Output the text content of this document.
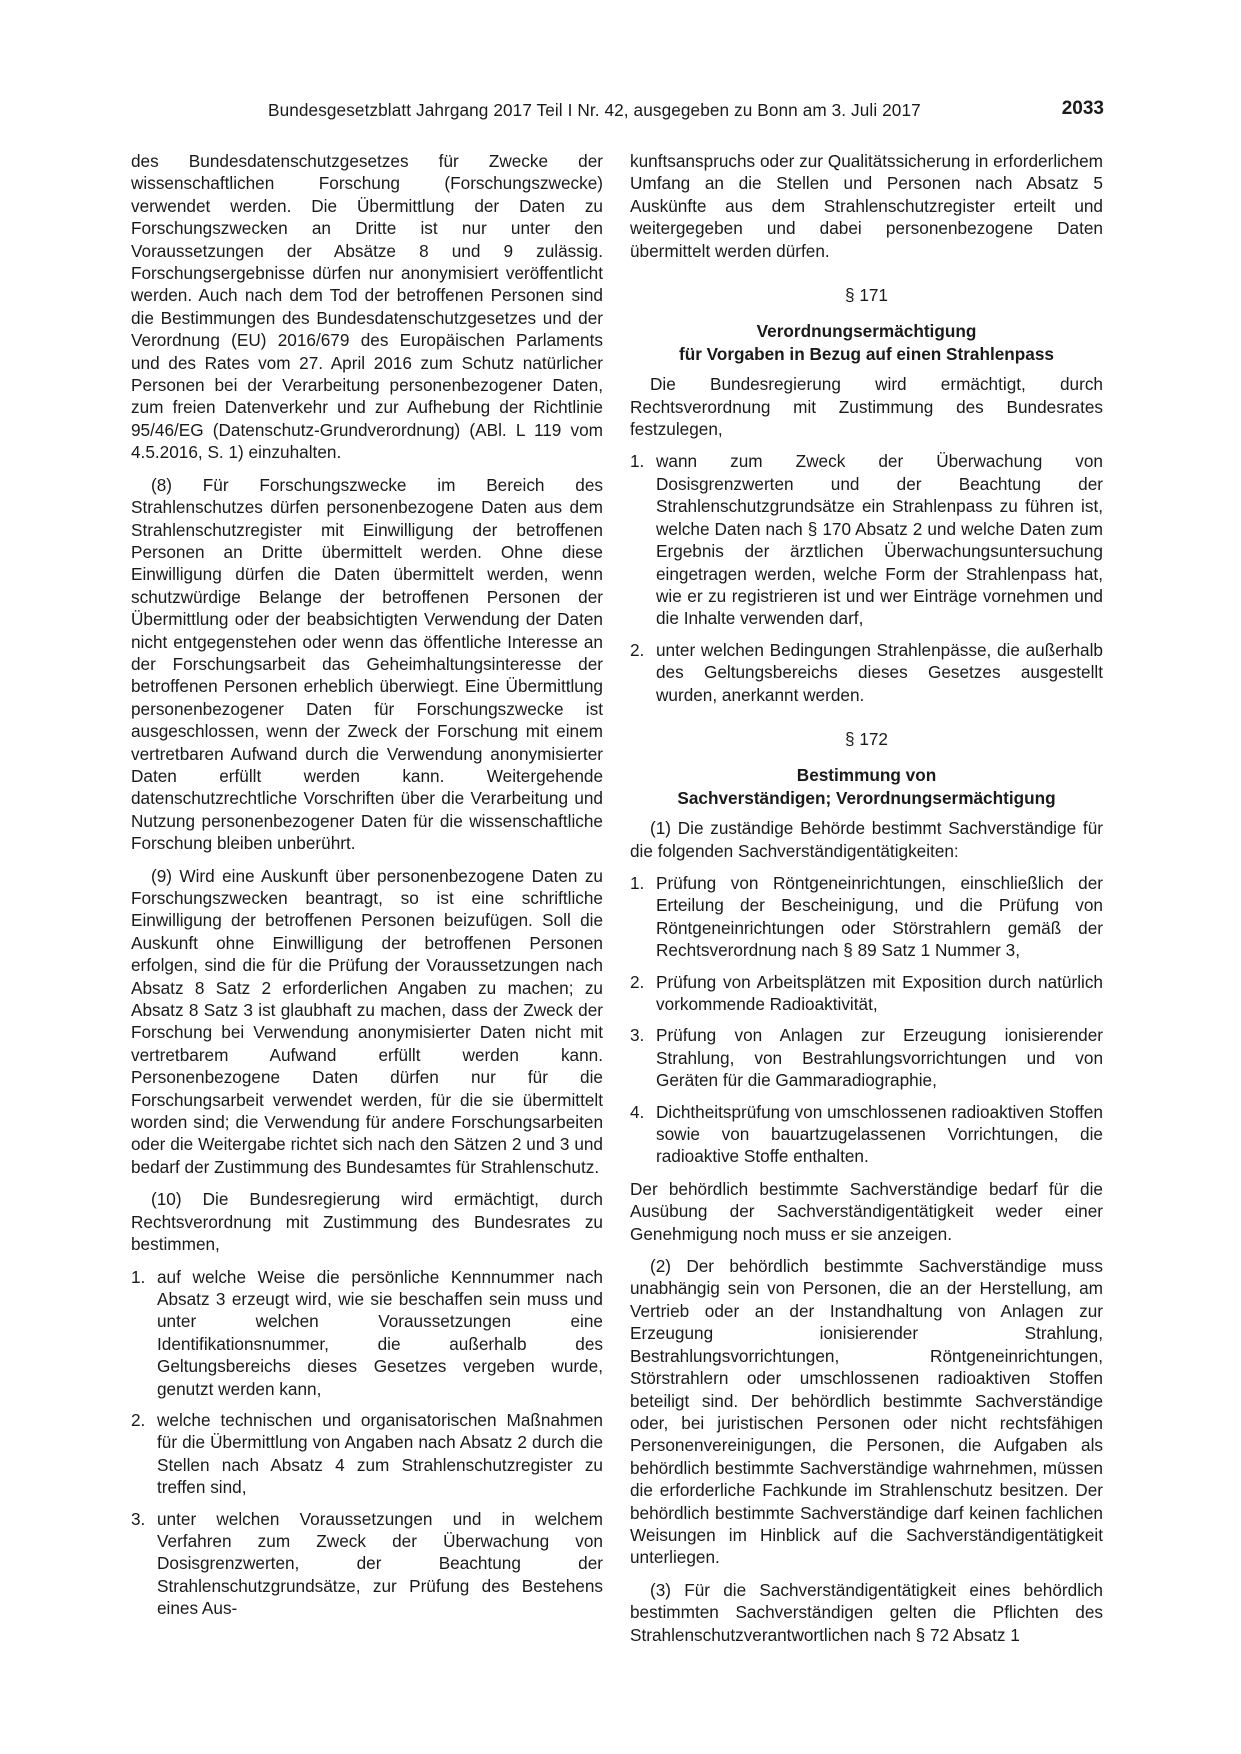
Bundesgesetzblatt Jahrgang 2017 Teil I Nr. 42, ausgegeben zu Bonn am 3. Juli 2017	2033

des Bundesdatenschutzgesetzes für Zwecke der wissenschaftlichen Forschung (Forschungszwecke) verwendet werden. Die Übermittlung der Daten zu Forschungszwecken an Dritte ist nur unter den Voraussetzungen der Absätze 8 und 9 zulässig. Forschungsergebnisse dürfen nur anonymisiert veröffentlicht werden. Auch nach dem Tod der betroffenen Personen sind die Bestimmungen des Bundesdatenschutzgesetzes und der Verordnung (EU) 2016/679 des Europäischen Parlaments und des Rates vom 27. April 2016 zum Schutz natürlicher Personen bei der Verarbeitung personenbezogener Daten, zum freien Datenverkehr und zur Aufhebung der Richtlinie 95/46/EG (Datenschutz-Grundverordnung) (ABl. L 119 vom 4.5.2016, S. 1) einzuhalten.

(8) Für Forschungszwecke im Bereich des Strahlenschutzes dürfen personenbezogene Daten aus dem Strahlenschutzregister mit Einwilligung der betroffenen Personen an Dritte übermittelt werden. Ohne diese Einwilligung dürfen die Daten übermittelt werden, wenn schutzwürdige Belange der betroffenen Personen der Übermittlung oder der beabsichtigten Verwendung der Daten nicht entgegenstehen oder wenn das öffentliche Interesse an der Forschungsarbeit das Geheimhaltungsinteresse der betroffenen Personen erheblich überwiegt. Eine Übermittlung personenbezogener Daten für Forschungszwecke ist ausgeschlossen, wenn der Zweck der Forschung mit einem vertretbaren Aufwand durch die Verwendung anonymisierter Daten erfüllt werden kann. Weitergehende datenschutzrechtliche Vorschriften über die Verarbeitung und Nutzung personenbezogener Daten für die wissenschaftliche Forschung bleiben unberührt.

(9) Wird eine Auskunft über personenbezogene Daten zu Forschungszwecken beantragt, so ist eine schriftliche Einwilligung der betroffenen Personen beizufügen. Soll die Auskunft ohne Einwilligung der betroffenen Personen erfolgen, sind die für die Prüfung der Voraussetzungen nach Absatz 8 Satz 2 erforderlichen Angaben zu machen; zu Absatz 8 Satz 3 ist glaubhaft zu machen, dass der Zweck der Forschung bei Verwendung anonymisierter Daten nicht mit vertretbarem Aufwand erfüllt werden kann. Personenbezogene Daten dürfen nur für die Forschungsarbeit verwendet werden, für die sie übermittelt worden sind; die Verwendung für andere Forschungsarbeiten oder die Weitergabe richtet sich nach den Sätzen 2 und 3 und bedarf der Zustimmung des Bundesamtes für Strahlenschutz.

(10) Die Bundesregierung wird ermächtigt, durch Rechtsverordnung mit Zustimmung des Bundesrates zu bestimmen,

1. auf welche Weise die persönliche Kennnummer nach Absatz 3 erzeugt wird, wie sie beschaffen sein muss und unter welchen Voraussetzungen eine Identifikationsnummer, die außerhalb des Geltungsbereichs dieses Gesetzes vergeben wurde, genutzt werden kann,
2. welche technischen und organisatorischen Maßnahmen für die Übermittlung von Angaben nach Absatz 2 durch die Stellen nach Absatz 4 zum Strahlenschutzregister zu treffen sind,
3. unter welchen Voraussetzungen und in welchem Verfahren zum Zweck der Überwachung von Dosisgrenzwerten, der Beachtung der Strahlenschutzgrundsätze, zur Prüfung des Bestehens eines Aus-

kunftsanspruchs oder zur Qualitätssicherung in erforderlichem Umfang an die Stellen und Personen nach Absatz 5 Auskünfte aus dem Strahlenschutzregister erteilt und weitergegeben und dabei personenbezogene Daten übermittelt werden dürfen.

§ 171
Verordnungsermächtigung
für Vorgaben in Bezug auf einen Strahlenpass

Die Bundesregierung wird ermächtigt, durch Rechtsverordnung mit Zustimmung des Bundesrates festzulegen,

1. wann zum Zweck der Überwachung von Dosisgrenzwerten und der Beachtung der Strahlenschutzgrundsätze ein Strahlenpass zu führen ist, welche Daten nach § 170 Absatz 2 und welche Daten zum Ergebnis der ärztlichen Überwachungsuntersuchung eingetragen werden, welche Form der Strahlenpass hat, wie er zu registrieren ist und wer Einträge vornehmen und die Inhalte verwenden darf,
2. unter welchen Bedingungen Strahlenpässe, die außerhalb des Geltungsbereichs dieses Gesetzes ausgestellt wurden, anerkannt werden.
§ 172
Bestimmung von
Sachverständigen; Verordnungsermächtigung

(1) Die zuständige Behörde bestimmt Sachverständige für die folgenden Sachverständigentätigkeiten:

1. Prüfung von Röntgeneinrichtungen, einschließlich der Erteilung der Bescheinigung, und die Prüfung von Röntgeneinrichtungen oder Störstrahlern gemäß der Rechtsverordnung nach § 89 Satz 1 Nummer 3,
2. Prüfung von Arbeitsplätzen mit Exposition durch natürlich vorkommende Radioaktivität,
3. Prüfung von Anlagen zur Erzeugung ionisierender Strahlung, von Bestrahlungsvorrichtungen und von Geräten für die Gammaradiographie,
4. Dichtheitsprüfung von umschlossenen radioaktiven Stoffen sowie von bauartzugelassenen Vorrichtungen, die radioaktive Stoffe enthalten.

Der behördlich bestimmte Sachverständige bedarf für die Ausübung der Sachverständigentätigkeit weder einer Genehmigung noch muss er sie anzeigen.

(2) Der behördlich bestimmte Sachverständige muss unabhängig sein von Personen, die an der Herstellung, am Vertrieb oder an der Instandhaltung von Anlagen zur Erzeugung ionisierender Strahlung, Bestrahlungsvorrichtungen, Röntgeneinrichtungen, Störstrahlern oder umschlossenen radioaktiven Stoffen beteiligt sind. Der behördlich bestimmte Sachverständige oder, bei juristischen Personen oder nicht rechtsfähigen Personenvereinigungen, die Personen, die Aufgaben als behördlich bestimmte Sachverständige wahrnehmen, müssen die erforderliche Fachkunde im Strahlenschutz besitzen. Der behördlich bestimmte Sachverständige darf keinen fachlichen Weisungen im Hinblick auf die Sachverständigentätigkeit unterliegen.

(3) Für die Sachverständigentätigkeit eines behördlich bestimmten Sachverständigen gelten die Pflichten des Strahlenschutzverantwortlichen nach § 72 Absatz 1
